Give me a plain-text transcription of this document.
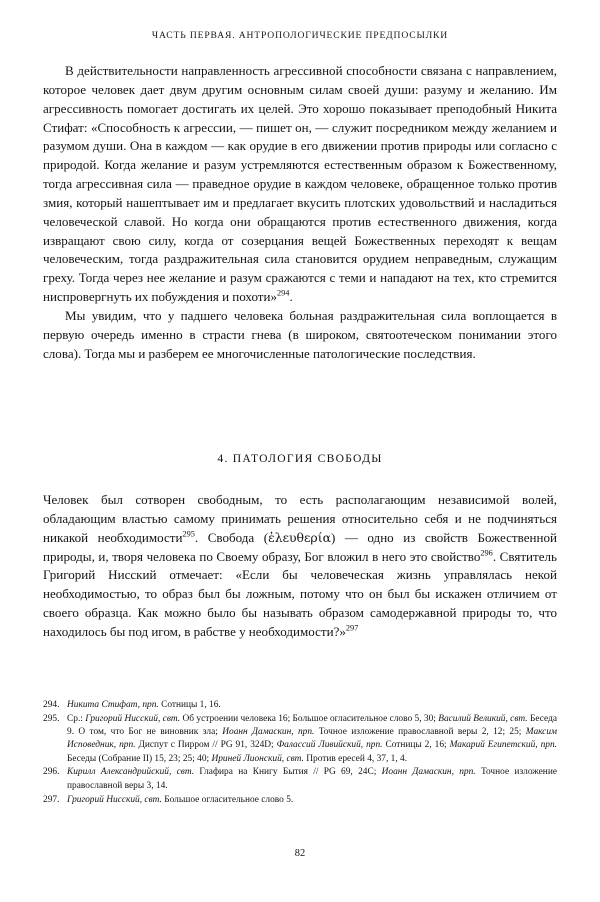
ЧАСТЬ ПЕРВАЯ. АНТРОПОЛОГИЧЕСКИЕ ПРЕДПОСЫЛКИ

В действительности направленность агрессивной способности связана с направлением, которое человек дает двум другим основным силам своей души: разуму и желанию. Им агрессивность помогает достигать их целей. Это хорошо показывает преподобный Никита Стифат: «Способность к агрессии, — пишет он, — служит посредником между желанием и разумом души. Она в каждом — как орудие в его движении против природы или согласно с природой. Когда желание и разум устремляются естественным образом к Божественному, тогда агрессивная сила — праведное орудие в каждом человеке, обращенное только против змия, который нашептывает им и предлагает вкусить плотских удовольствий и насладиться человеческой славой. Но когда они обращаются против естественного движения, когда извращают свою силу, когда от созерцания вещей Божественных переходят к вещам человеческим, тогда раздражительная сила становится орудием неправедным, служащим греху. Тогда через нее желание и разум сражаются с теми и нападают на тех, кто стремится ниспровергнуть их побуждения и похоти»$^{294}$.

Мы увидим, что у падшего человека больная раздражительная сила воплощается в первую очередь именно в страсти гнева (в широком, святоотеческом понимании этого слова). Тогда мы и разберем ее многочисленные патологические последствия.

4. ПАТОЛОГИЯ СВОБОДЫ

Человек был сотворен свободным, то есть располагающим независимой волей, обладающим властью самому принимать решения относительно себя и не подчиняться никакой необходимости$^{295}$. Свобода (ἐλευθερία) — одно из свойств Божественной природы, и, творя человека по Своему образу, Бог вложил в него это свойство$^{296}$. Святитель Григорий Нисский отмечает: «Если бы человеческая жизнь управлялась некой необходимостью, то образ был бы ложным, потому что он был бы искажен отличием от своего образца. Как можно было бы называть образом самодержавной природы то, что находилось бы под игом, в рабстве у необходимости?»$^{297}$

294. Никита Стифат, прп. Сотницы 1, 16.
295. Ср.: Григорий Нисский, свт. Об устроении человека 16; Большое огласительное слово 5, 30; Василий Великий, свт. Беседа 9. О том, что Бог не виновник зла; Иоанн Дамаскин, прп. Точное изложение православной веры 2, 12; 25; Максим Исповедник, прп. Диспут с Пирром // PG 91, 324D; Фалассий Ливийский, прп. Сотницы 2, 16; Макарий Египетский, прп. Беседы (Собрание II) 15, 23; 25; 40; Ириней Лионский, свт. Против ересей 4, 37, 1, 4.
296. Кирилл Александрийский, свт. Глафира на Книгу Бытия // PG 69, 24C; Иоанн Дамаскин, прп. Точное изложение православной веры 3, 14.
297. Григорий Нисский, свт. Большое огласительное слово 5.
82
